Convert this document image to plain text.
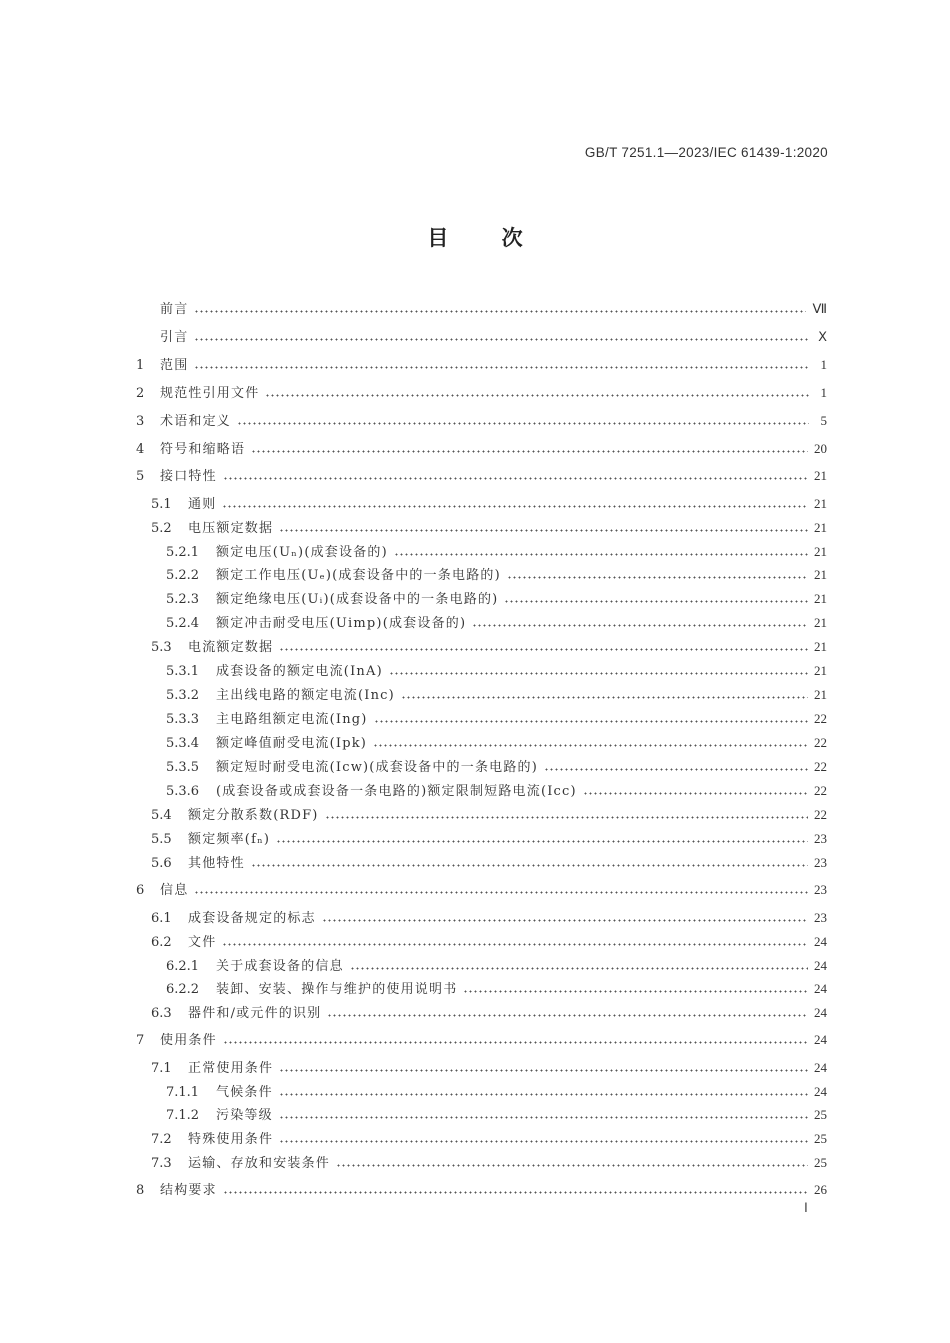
GB/T 7251.1—2023/IEC 61439-1:2020
目 次
前言	Ⅶ
引言	Ⅹ
1	范围	1
2	规范性引用文件	1
3	术语和定义	5
4	符号和缩略语	20
5	接口特性	21
5.1	通则	21
5.2	电压额定数据	21
5.2.1	额定电压(Uₙ)(成套设备的)	21
5.2.2	额定工作电压(Uₑ)(成套设备中的一条电路的)	21
5.2.3	额定绝缘电压(Uᵢ)(成套设备中的一条电路的)	21
5.2.4	额定冲击耐受电压(Uimp)(成套设备的)	21
5.3	电流额定数据	21
5.3.1	成套设备的额定电流(InA)	21
5.3.2	主出线电路的额定电流(Inc)	21
5.3.3	主电路组额定电流(Ing)	22
5.3.4	额定峰值耐受电流(Ipk)	22
5.3.5	额定短时耐受电流(Icw)(成套设备中的一条电路的)	22
5.3.6	(成套设备或成套设备一条电路的)额定限制短路电流(Icc)	22
5.4	额定分散系数(RDF)	22
5.5	额定频率(fₙ)	23
5.6	其他特性	23
6	信息	23
6.1	成套设备规定的标志	23
6.2	文件	24
6.2.1	关于成套设备的信息	24
6.2.2	装卸、安装、操作与维护的使用说明书	24
6.3	器件和/或元件的识别	24
7	使用条件	24
7.1	正常使用条件	24
7.1.1	气候条件	24
7.1.2	污染等级	25
7.2	特殊使用条件	25
7.3	运输、存放和安装条件	25
8	结构要求	26
Ⅰ
